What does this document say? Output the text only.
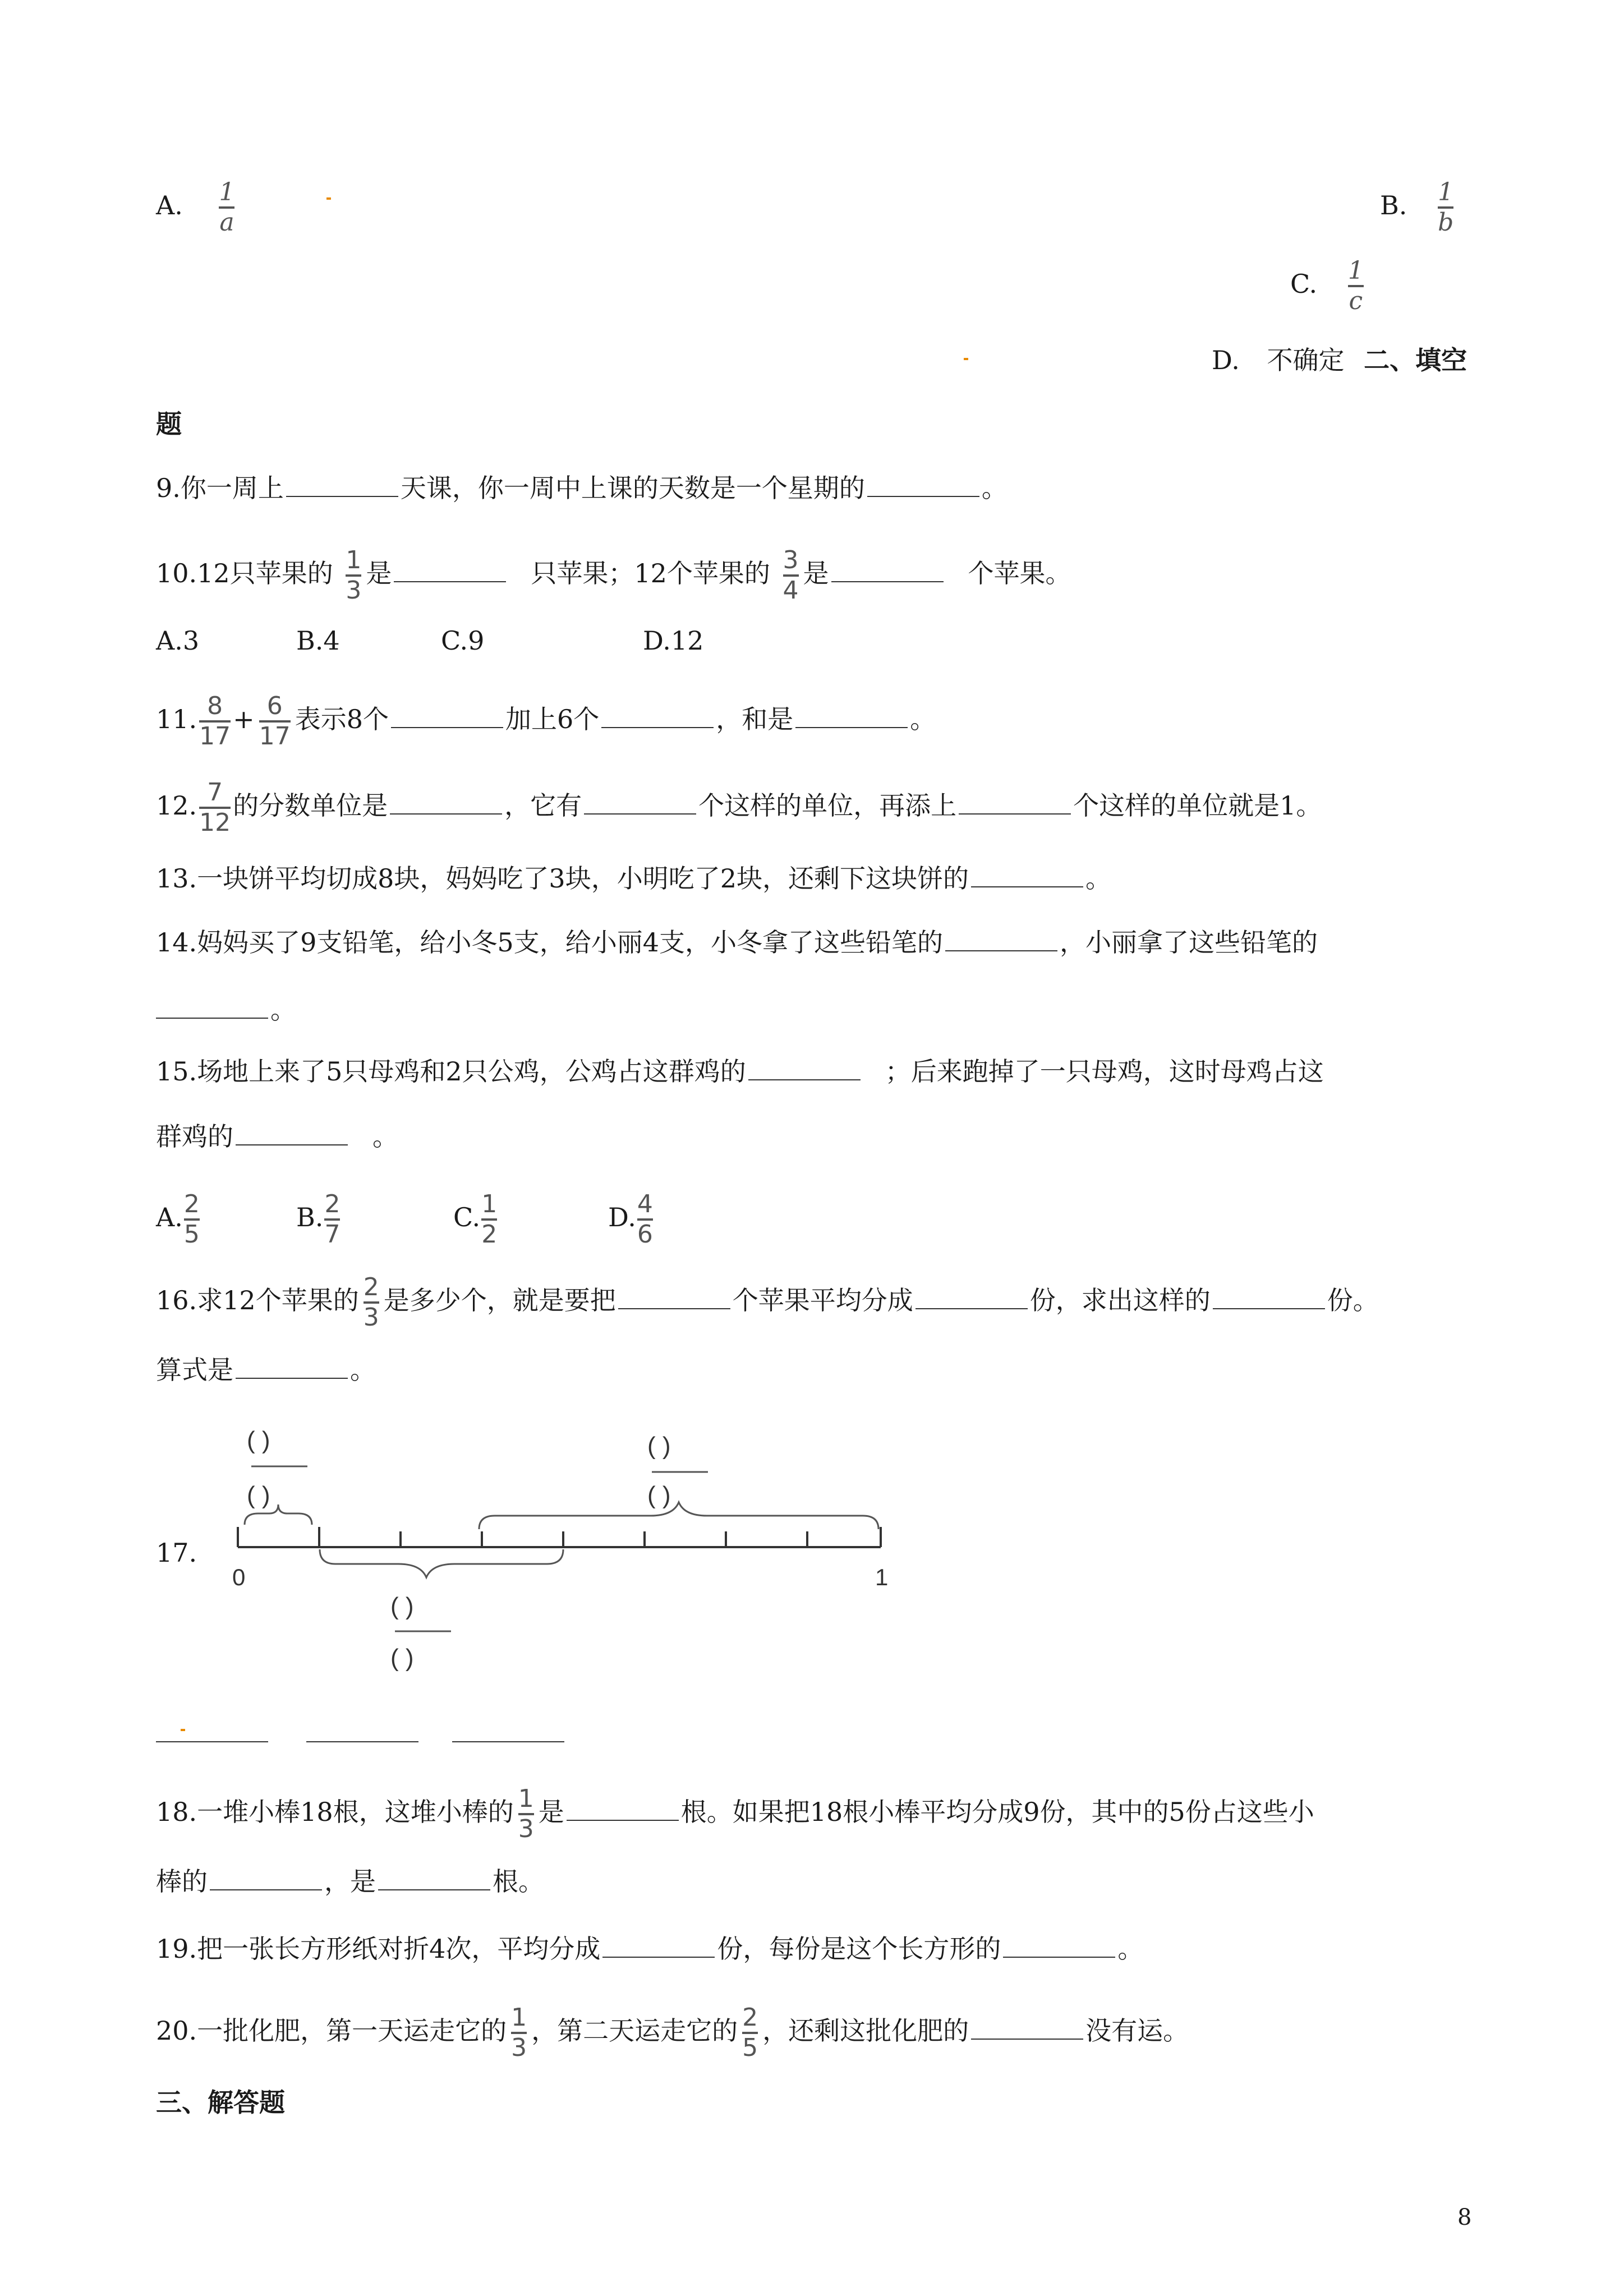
A. $\frac{1}{a}$	B. $\frac{1}{b}$
C. $\frac{1}{c}$
D. 不确定 二、填空
题
9.你一周上	天课，你一周中上课的天数是一个星期的	。
10.12只苹果的 $\frac{1}{3}$ 是	只苹果；12个苹果的 $\frac{3}{4}$ 是	个苹果。
A.3	B.4	C.9	D.12
11. $\frac{8}{17} + \frac{6}{17}$ 表示8个	加上6个	，和是	。
12. $\frac{7}{12}$ 的分数单位是	，它有	个这样的单位，再添上	个这样的单位就是1。
13.一块饼平均切成8块，妈妈吃了3块，小明吃了2块，还剩下这块饼的	。
14.妈妈买了9支铅笔，给小冬5支，给小丽4支，小冬拿了这些铅笔的	，小丽拿了这些铅笔的
。
15.场地上来了5只母鸡和2只公鸡，公鸡占这群鸡的	；后来跑掉了一只母鸡，这时母鸡占这
群鸡的	。
A. $\frac{2}{5}$	B. $\frac{2}{7}$	C. $\frac{1}{2}$	D. $\frac{4}{6}$
16.求12个苹果的 $\frac{2}{3}$ 是多少个，就是要把	个苹果平均分成	份，求出这样的	份。
算式是	。
17.
( )
( )
( )
( )
( )
( )
0	1
18.一堆小棒18根，这堆小棒的 $\frac{1}{3}$ 是	根。如果把18根小棒平均分成9份，其中的5份占这些小
棒的	，是	根。
19.把一张长方形纸对折4次，平均分成	份，每份是这个长方形的	。
20.一批化肥，第一天运走它的 $\frac{1}{3}$ ，第二天运走它的 $\frac{2}{5}$ ，还剩这批化肥的	没有运。
三、解答题
8
